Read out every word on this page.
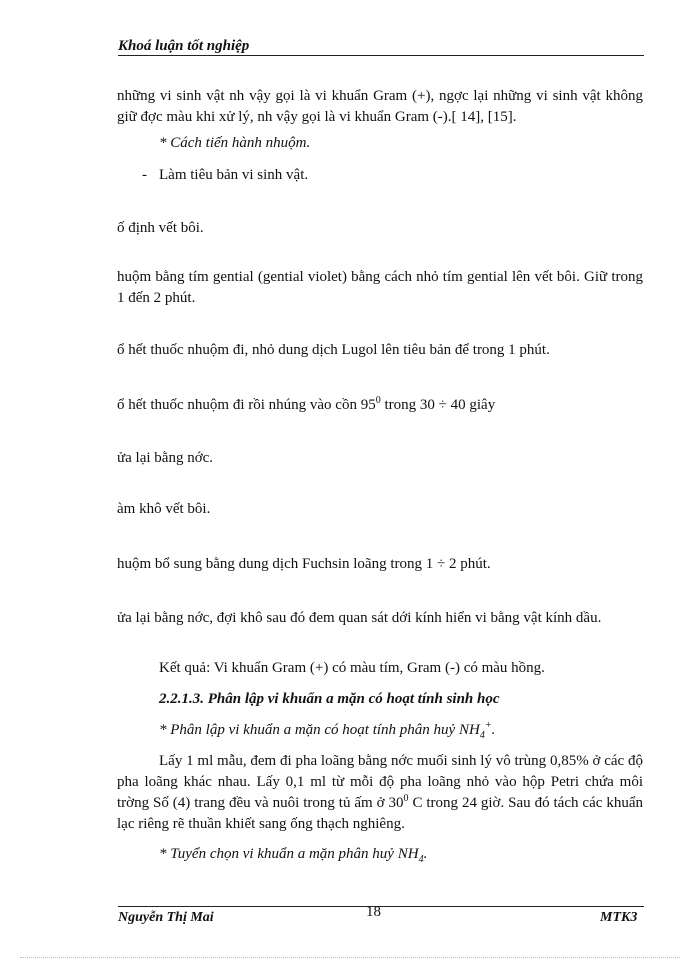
Khoá luận tốt nghiệp
những vi sinh vật nh vậy gọi là vi khuẩn Gram (+), ngợc lại những vi sinh vật không giữ đợc màu khi xử lý, nh vậy gọi là vi khuẩn Gram (-).[ 14], [15].
* Cách tiến hành nhuộm.
- Làm tiêu bản vi sinh vật.
ố định vết bôi.
huộm bằng tím gential (gential violet) bằng cách nhỏ tím gential lên vết bôi. Giữ trong 1 đến 2 phút.
ổ hết thuốc nhuộm đi, nhỏ dung dịch Lugol lên tiêu bản để trong 1 phút.
ổ hết thuốc nhuộm đi rồi nhúng vào cồn $95^0$ trong 30 ÷ 40 giây
ửa lại bằng nớc.
àm khô vết bôi.
huộm bổ sung bằng dung dịch Fuchsin loãng trong 1 ÷ 2 phút.
ửa lại bằng nớc, đợi khô sau đó đem quan sát dới kính hiển vi bằng vật kính dầu.
Kết quả: Vi khuẩn Gram (+) có màu tím, Gram (-) có màu hồng.
2.2.1.3. Phân lập vi khuẩn a mặn có hoạt tính sinh học
* Phân lập vi khuẩn a mặn có hoạt tính phân huỷ $NH_4^+$.
Lấy 1 ml mẫu, đem đi pha loãng bằng nớc muối sinh lý vô trùng 0,85% ở các độ pha loãng khác nhau. Lấy 0,1 ml từ mỗi độ pha loãng nhỏ vào hộp Petri chứa môi trờng Số (4) trang đều và nuôi trong tủ ấm ở $30^0$ C trong 24 giờ. Sau đó tách các khuẩn lạc riêng rẽ thuần khiết sang ống thạch nghiêng.
* Tuyển chọn vi khuẩn a mặn phân huỷ $NH_4$.
Nguyễn Thị Mai	18	MTK3
